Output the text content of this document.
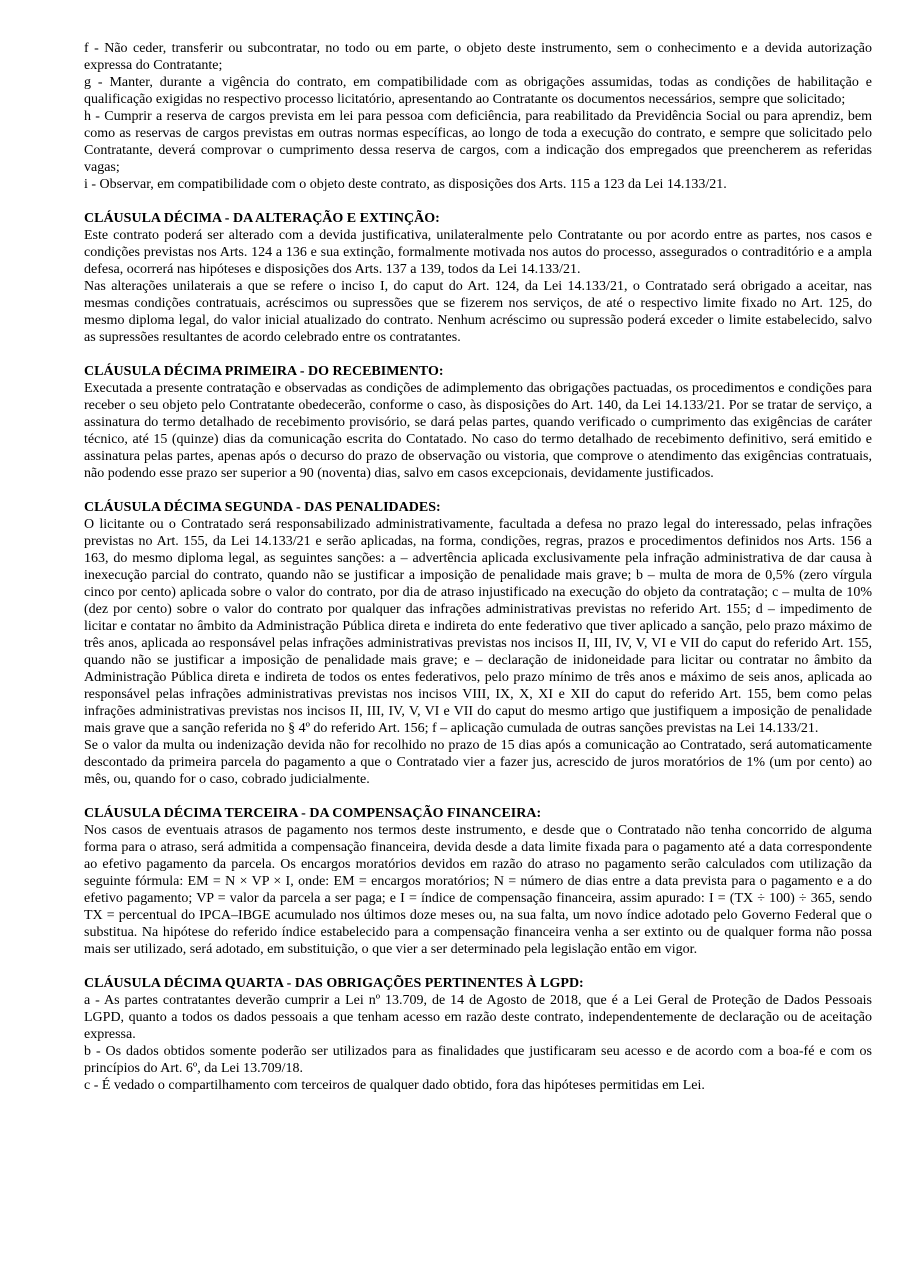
f - Não ceder, transferir ou subcontratar, no todo ou em parte, o objeto deste instrumento, sem o conhecimento e a devida autorização expressa do Contratante;

g - Manter, durante a vigência do contrato, em compatibilidade com as obrigações assumidas, todas as condições de habilitação e qualificação exigidas no respectivo processo licitatório, apresentando ao Contratante os documentos necessários, sempre que solicitado;

h - Cumprir a reserva de cargos prevista em lei para pessoa com deficiência, para reabilitado da Previdência Social ou para aprendiz, bem como as reservas de cargos previstas em outras normas específicas, ao longo de toda a execução do contrato, e sempre que solicitado pelo Contratante, deverá comprovar o cumprimento dessa reserva de cargos, com a indicação dos empregados que preencherem as referidas vagas;

i - Observar, em compatibilidade com o objeto deste contrato, as disposições dos Arts. 115 a 123 da Lei 14.133/21.

CLÁUSULA DÉCIMA - DA ALTERAÇÃO E EXTINÇÃO:

Este contrato poderá ser alterado com a devida justificativa, unilateralmente pelo Contratante ou por acordo entre as partes, nos casos e condições previstas nos Arts. 124 a 136 e sua extinção, formalmente motivada nos autos do processo, assegurados o contraditório e a ampla defesa, ocorrerá nas hipóteses e disposições dos Arts. 137 a 139, todos da Lei 14.133/21.

Nas alterações unilaterais a que se refere o inciso I, do caput do Art. 124, da Lei 14.133/21, o Contratado será obrigado a aceitar, nas mesmas condições contratuais, acréscimos ou supressões que se fizerem nos serviços, de até o respectivo limite fixado no Art. 125, do mesmo diploma legal, do valor inicial atualizado do contrato. Nenhum acréscimo ou supressão poderá exceder o limite estabelecido, salvo as supressões resultantes de acordo celebrado entre os contratantes.

CLÁUSULA DÉCIMA PRIMEIRA - DO RECEBIMENTO:

Executada a presente contratação e observadas as condições de adimplemento das obrigações pactuadas, os procedimentos e condições para receber o seu objeto pelo Contratante obedecerão, conforme o caso, às disposições do Art. 140, da Lei 14.133/21. Por se tratar de serviço, a assinatura do termo detalhado de recebimento provisório, se dará pelas partes, quando verificado o cumprimento das exigências de caráter técnico, até 15 (quinze) dias da comunicação escrita do Contatado. No caso do termo detalhado de recebimento definitivo, será emitido e assinatura pelas partes, apenas após o decurso do prazo de observação ou vistoria, que comprove o atendimento das exigências contratuais, não podendo esse prazo ser superior a 90 (noventa) dias, salvo em casos excepcionais, devidamente justificados.

CLÁUSULA DÉCIMA SEGUNDA - DAS PENALIDADES:

O licitante ou o Contratado será responsabilizado administrativamente, facultada a defesa no prazo legal do interessado, pelas infrações previstas no Art. 155, da Lei 14.133/21 e serão aplicadas, na forma, condições, regras, prazos e procedimentos definidos nos Arts. 156 a 163, do mesmo diploma legal, as seguintes sanções: a – advertência aplicada exclusivamente pela infração administrativa de dar causa à inexecução parcial do contrato, quando não se justificar a imposição de penalidade mais grave; b – multa de mora de 0,5% (zero vírgula cinco por cento) aplicada sobre o valor do contrato, por dia de atraso injustificado na execução do objeto da contratação; c – multa de 10% (dez por cento) sobre o valor do contrato por qualquer das infrações administrativas previstas no referido Art. 155; d – impedimento de licitar e contatar no âmbito da Administração Pública direta e indireta do ente federativo que tiver aplicado a sanção, pelo prazo máximo de três anos, aplicada ao responsável pelas infrações administrativas previstas nos incisos II, III, IV, V, VI e VII do caput do referido Art. 155, quando não se justificar a imposição de penalidade mais grave; e – declaração de inidoneidade para licitar ou contratar no âmbito da Administração Pública direta e indireta de todos os entes federativos, pelo prazo mínimo de três anos e máximo de seis anos, aplicada ao responsável pelas infrações administrativas previstas nos incisos VIII, IX, X, XI e XII do caput do referido Art. 155, bem como pelas infrações administrativas previstas nos incisos II, III, IV, V, VI e VII do caput do mesmo artigo que justifiquem a imposição de penalidade mais grave que a sanção referida no § 4º do referido Art. 156; f – aplicação cumulada de outras sanções previstas na Lei 14.133/21.

Se o valor da multa ou indenização devida não for recolhido no prazo de 15 dias após a comunicação ao Contratado, será automaticamente descontado da primeira parcela do pagamento a que o Contratado vier a fazer jus, acrescido de juros moratórios de 1% (um por cento) ao mês, ou, quando for o caso, cobrado judicialmente.

CLÁUSULA DÉCIMA TERCEIRA - DA COMPENSAÇÃO FINANCEIRA:

Nos casos de eventuais atrasos de pagamento nos termos deste instrumento, e desde que o Contratado não tenha concorrido de alguma forma para o atraso, será admitida a compensação financeira, devida desde a data limite fixada para o pagamento até a data correspondente ao efetivo pagamento da parcela. Os encargos moratórios devidos em razão do atraso no pagamento serão calculados com utilização da seguinte fórmula: EM = N × VP × I, onde: EM = encargos moratórios; N = número de dias entre a data prevista para o pagamento e a do efetivo pagamento; VP = valor da parcela a ser paga; e I = índice de compensação financeira, assim apurado: I = (TX ÷ 100) ÷ 365, sendo TX = percentual do IPCA–IBGE acumulado nos últimos doze meses ou, na sua falta, um novo índice adotado pelo Governo Federal que o substitua. Na hipótese do referido índice estabelecido para a compensação financeira venha a ser extinto ou de qualquer forma não possa mais ser utilizado, será adotado, em substituição, o que vier a ser determinado pela legislação então em vigor.

CLÁUSULA DÉCIMA QUARTA - DAS OBRIGAÇÕES PERTINENTES À LGPD:

a - As partes contratantes deverão cumprir a Lei nº 13.709, de 14 de Agosto de 2018, que é a Lei Geral de Proteção de Dados Pessoais LGPD, quanto a todos os dados pessoais a que tenham acesso em razão deste contrato, independentemente de declaração ou de aceitação expressa.

b - Os dados obtidos somente poderão ser utilizados para as finalidades que justificaram seu acesso e de acordo com a boa-fé e com os princípios do Art. 6º, da Lei 13.709/18.

c - É vedado o compartilhamento com terceiros de qualquer dado obtido, fora das hipóteses permitidas em Lei.
